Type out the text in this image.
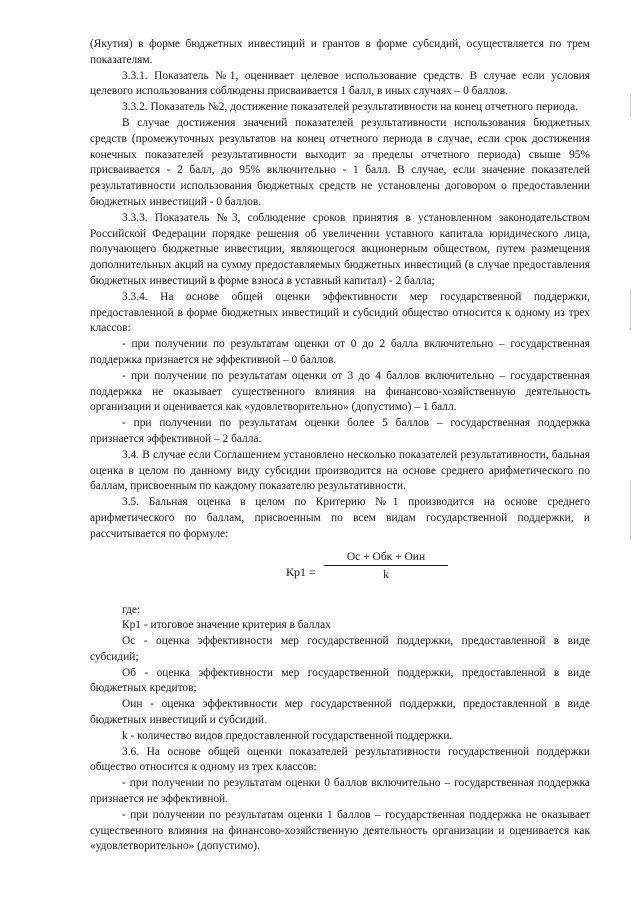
(Якутия) в форме бюджетных инвестиций и грантов в форме субсидий, осуществляется по трем показателям.

3.3.1. Показатель №1, оценивает целевое использование средств. В случае если условия целевого использования соблюдены присваивается 1 балл, в иных случаях – 0 баллов.

3.3.2. Показатель №2, достижение показателей результативности на конец отчетного периода.

В случае достижения значений показателей результативности использования бюджетных средств (промежуточных результатов на конец отчетного периода в случае, если срок достижения конечных показателей результативности выходит за пределы отчетного периода) свыше 95% присваивается - 2 балл, до 95% включительно - 1 балл. В случае, если значение показателей результативности использования бюджетных средств не установлены договором о предоставлении бюджетных инвестиций - 0 баллов.

3.3.3. Показатель №3, соблюдение сроков принятия в установленном законодательством Российской Федерации порядке решения об увеличении уставного капитала юридического лица, получающего бюджетные инвестиции, являющегося акционерным обществом, путем размещения дополнительных акций на сумму предоставляемых бюджетных инвестиций (в случае предоставления бюджетных инвестиций в форме взноса в уставный капитал) - 2 балла;

3.3.4. На основе общей оценки эффективности мер государственной поддержки, предоставленной в форме бюджетных инвестиций и субсидий общество относится к одному из трех классов:

- при получении по результатам оценки от 0 до 2 балла включительно – государственная поддержка признается не эффективной – 0 баллов.

- при получении по результатам оценки от 3 до 4 баллов включительно – государственная поддержка не оказывает существенного влияния на финансово-хозяйственную деятельность организации и оценивается как «удовлетворительно» (допустимо) – 1 балл.

- при получении по результатам оценки более 5 баллов – государственная поддержка признается эффективной – 2 балла.

3.4. В случае если Соглашением установлено несколько показателей результативности, бальная оценка в целом по данному виду субсидии производится на основе среднего арифметического по баллам, присвоенным по каждому показателю результативности.

3.5. Бальная оценка в целом по Критерию №1 производится на основе среднего арифметического по баллам, присвоенным по всем видам государственной поддержки, и рассчитывается по формуле:

Кр1 =
Ос + Обк + Оин
k

где:

Кр1 - итоговое значение критерия в баллах

Ос - оценка эффективности мер государственной поддержки, предоставленной в виде субсидий;

Об - оценка эффективности мер государственной поддержки, предоставленной в виде бюджетных кредитов;

Оин - оценка эффективности мер государственной поддержки, предоставленной в виде бюджетных инвестиций и субсидий.

k - количество видов предоставленной государственной поддержки.

3.6. На основе общей оценки показателей результативности государственной поддержки общество относится к одному из трех классов:

- при получении по результатам оценки 0 баллов включительно – государственная поддержка признается не эффективной.

- при получении по результатам оценки 1 баллов – государственная поддержка не оказывает существенного влияния на финансово-хозяйственную деятельность организации и оценивается как «удовлетворительно» (допустимо).
